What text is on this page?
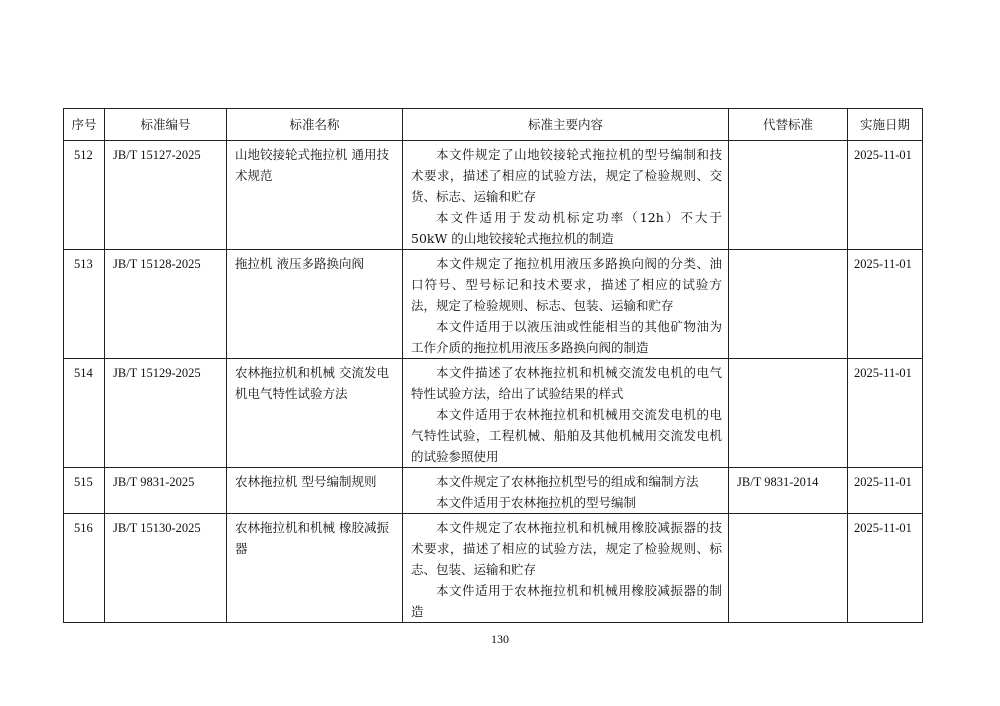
序号	标准编号	标准名称	标准主要内容	代替标准	实施日期
512	JB/T 15127-2025	山地铰接轮式拖拉机 通用技术规范	本文件规定了山地铰接轮式拖拉机的型号编制和技术要求，描述了相应的试验方法，规定了检验规则、交货、标志、运输和贮存
本文件适用于发动机标定功率（12h）不大于 50kW 的山地铰接轮式拖拉机的制造		2025-11-01
513	JB/T 15128-2025	拖拉机 液压多路换向阀	本文件规定了拖拉机用液压多路换向阀的分类、油口符号、型号标记和技术要求，描述了相应的试验方法，规定了检验规则、标志、包装、运输和贮存
本文件适用于以液压油或性能相当的其他矿物油为工作介质的拖拉机用液压多路换向阀的制造		2025-11-01
514	JB/T 15129-2025	农林拖拉机和机械 交流发电机电气特性试验方法	本文件描述了农林拖拉机和机械交流发电机的电气特性试验方法，给出了试验结果的样式
本文件适用于农林拖拉机和机械用交流发电机的电气特性试验，工程机械、船舶及其他机械用交流发电机的试验参照使用		2025-11-01
515	JB/T 9831-2025	农林拖拉机 型号编制规则	本文件规定了农林拖拉机型号的组成和编制方法
本文件适用于农林拖拉机的型号编制	JB/T 9831-2014	2025-11-01
516	JB/T 15130-2025	农林拖拉机和机械 橡胶减振器	本文件规定了农林拖拉机和机械用橡胶减振器的技术要求，描述了相应的试验方法，规定了检验规则、标志、包装、运输和贮存
本文件适用于农林拖拉机和机械用橡胶减振器的制造		2025-11-01
130
